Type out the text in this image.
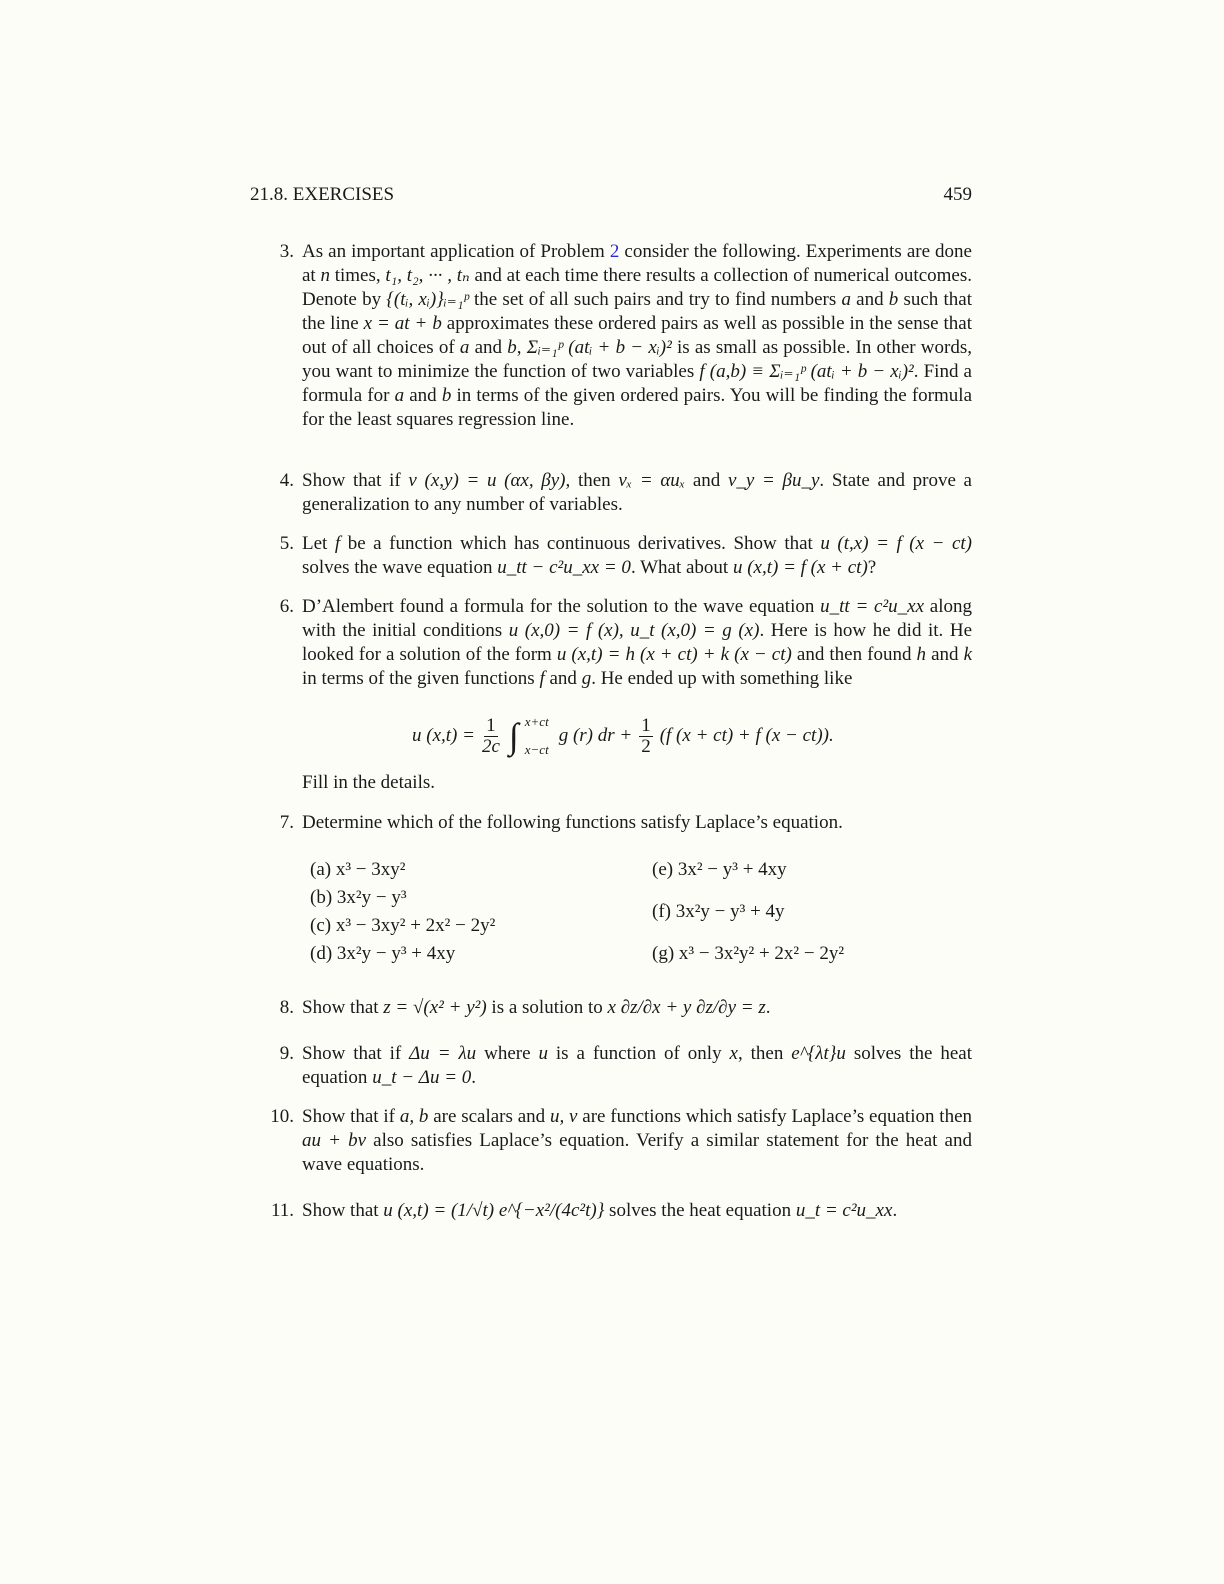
21.8. EXERCISES	459
3. As an important application of Problem 2 consider the following. Experiments are done at n times, t₁, t₂, ··· , tₙ and at each time there results a collection of numerical outcomes. Denote by {(tᵢ, xᵢ)}ᵢ₌₁ᵖ the set of all such pairs and try to find numbers a and b such that the line x = at + b approximates these ordered pairs as well as possible in the sense that out of all choices of a and b, Σᵢ₌₁ᵖ (atᵢ + b − xᵢ)² is as small as possible. In other words, you want to minimize the function of two variables f (a,b) ≡ Σᵢ₌₁ᵖ (atᵢ + b − xᵢ)². Find a formula for a and b in terms of the given ordered pairs. You will be finding the formula for the least squares regression line.
4. Show that if v (x,y) = u (αx, βy), then vₓ = αuₓ and v_y = βu_y. State and prove a generalization to any number of variables.
5. Let f be a function which has continuous derivatives. Show that u (t,x) = f (x − ct) solves the wave equation u_tt − c²u_xx = 0. What about u (x,t) = f (x + ct)?
6. D’Alembert found a formula for the solution to the wave equation u_tt = c²u_xx along with the initial conditions u (x,0) = f (x), u_t (x,0) = g (x). Here is how he did it. He looked for a solution of the form u (x,t) = h (x + ct) + k (x − ct) and then found h and k in terms of the given functions f and g. He ended up with something like
u $(x,t) = \frac{1}{2c}$ ∫ x+ct
x−ct
g (r) dr + $\frac{1}{2} (f$ (x + ct) + f (x − ct)).
Fill in the details.
7. Determine which of the following functions satisfy Laplace’s equation.
(a) x³ − 3xy²
(b) 3x²y − y³
(c) x³ − 3xy² + 2x² − 2y²
(d) 3x²y − y³ + 4xy
(e) 3x² − y³ + 4xy
(f) 3x²y − y³ + 4y
(g) x³ − 3x²y² + 2x² − 2y²
8. Show that z = √(x² + y²) is a solution to x ∂z/∂x + y ∂z/∂y = z.
9. Show that if Δu = λu where u is a function of only x, then e^{λt}u solves the heat equation u_t − Δu = 0.
10. Show that if a, b are scalars and u, v are functions which satisfy Laplace’s equation then au + bv also satisfies Laplace’s equation. Verify a similar statement for the heat and wave equations.
11. Show that u (x,t) = (1/√t) e^{−x²/(4c²t)} solves the heat equation u_t = c²u_xx.
